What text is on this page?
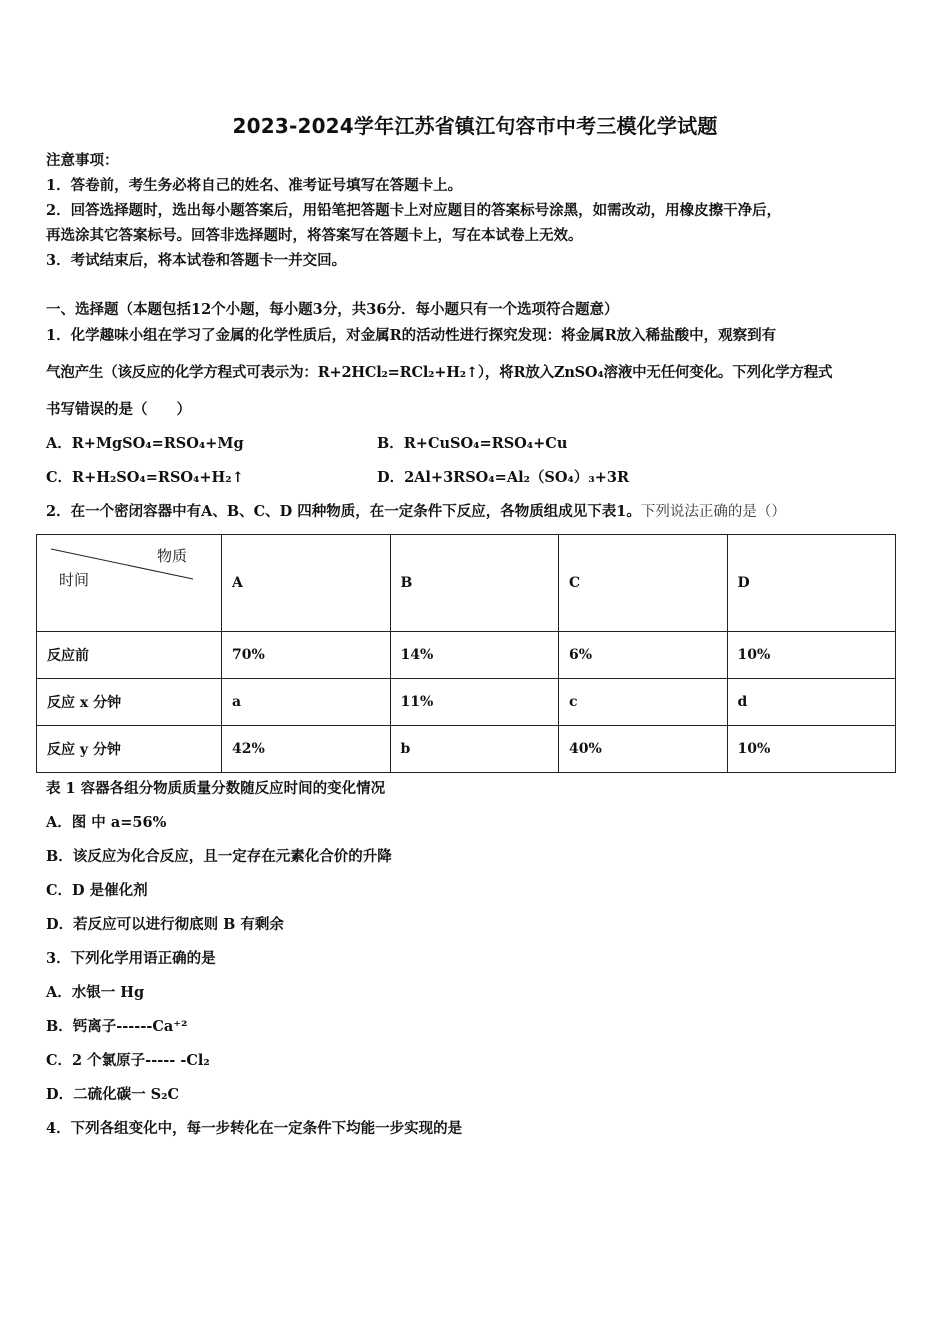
2023-2024学年江苏省镇江句容市中考三模化学试题
注意事项：
1．答卷前，考生务必将自己的姓名、准考证号填写在答题卡上。
2．回答选择题时，选出每小题答案后，用铅笔把答题卡上对应题目的答案标号涂黑，如需改动，用橡皮擦干净后，
再选涂其它答案标号。回答非选择题时，将答案写在答题卡上，写在本试卷上无效。
3．考试结束后，将本试卷和答题卡一并交回。
一、选择题（本题包括12个小题，每小题3分，共36分．每小题只有一个选项符合题意）
1．化学趣味小组在学习了金属的化学性质后，对金属R的活动性进行探究发现：将金属R放入稀盐酸中，观察到有
气泡产生（该反应的化学方程式可表示为：R+2HCl₂=RCl₂+H₂↑），将R放入ZnSO₄溶液中无任何变化。下列化学方程式
书写错误的是（　　）
A．R+MgSO₄=RSO₄+Mg	B．R+CuSO₄=RSO₄+Cu
C．R+H₂SO₄=RSO₄+H₂↑	D．2Al+3RSO₄=Al₂（SO₄）₃+3R
2．在一个密闭容器中有A、B、C、D 四种物质，在一定条件下反应，各物质组成见下表1。下列说法正确的是（）
物质
时间	A	B	C	D
反应前	70%	14%	6%	10%
反应 x 分钟	a	11%	c	d
反应 y 分钟	42%	b	40%	10%
表 1 容器各组分物质质量分数随反应时间的变化情况
A．图 中 a=56%
B．该反应为化合反应，且一定存在元素化合价的升降
C．D 是催化剂
D．若反应可以进行彻底则 B 有剩余
3．下列化学用语正确的是
A．水银一 Hg
B．钙离子------Ca⁺²
C．2 个氯原子----- -Cl₂
D．二硫化碳一 S₂C
4．下列各组变化中，每一步转化在一定条件下均能一步实现的是
